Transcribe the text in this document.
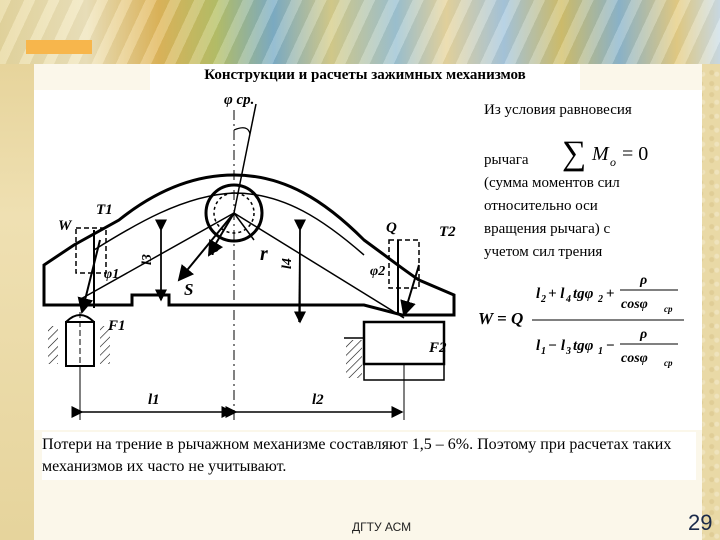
Конструкции и расчеты зажимных механизмов
φ ср.
S
ρ r
l3	l4
W
T1
φ1
F1
Q	T2
φ2
F2
l1	l2
Из условия равновесия
рычага
(сумма моментов сил
относительно оси
вращения рычага) с
учетом сил трения
∑ M o = 0
W = Q
l 2 + l 4 tgφ 2 +
ρ
cosφ ср
l 1 − l 3 tgφ 1 −
ρ
cosφ ср
Потери на трение в рычажном механизме составляют 1,5 – 6%. Поэтому при расчетах таких механизмов их часто не учитывают.
ДГТУ АСМ	29
